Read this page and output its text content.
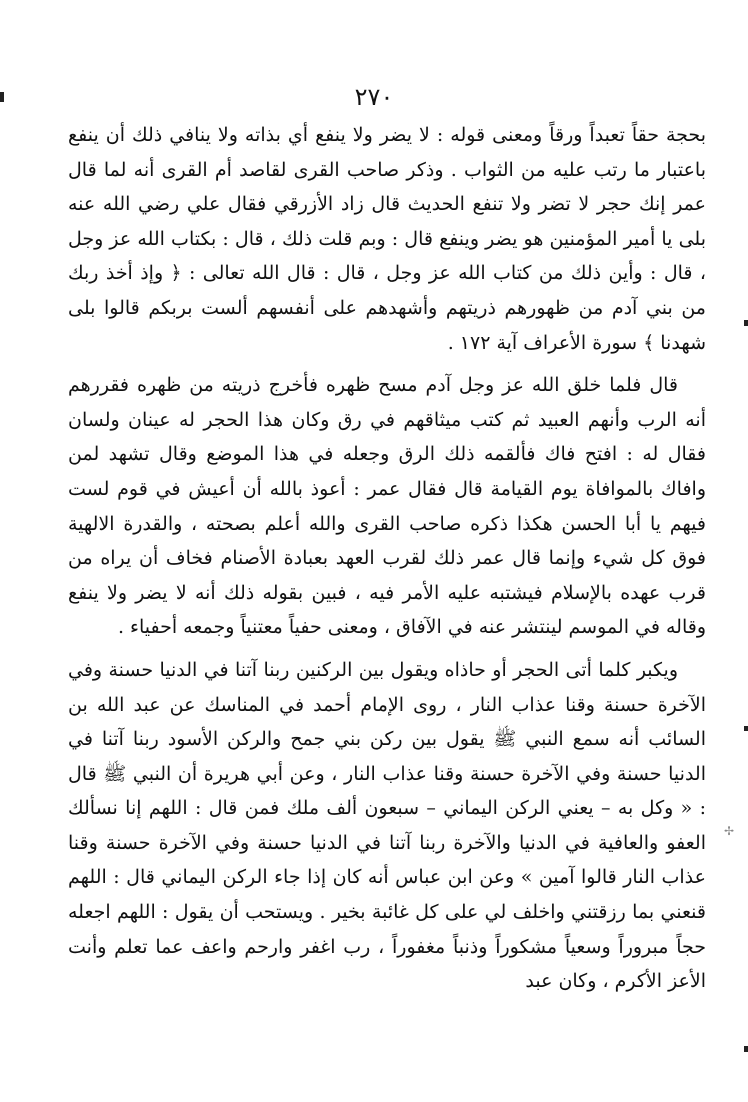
✢
٢٧٠

بحجة حقاً تعبداً ورقاً ومعنى قوله : لا يضر ولا ينفع أي بذاته ولا ينافي ذلك أن ينفع باعتبار ما رتب عليه من الثواب . وذكر صاحب القرى لقاصد أم القرى أنه لما قال عمر إنك حجر لا تضر ولا تنفع الحديث قال زاد الأزرقي فقال علي رضي الله عنه بلى يا أمير المؤمنين هو يضر وينفع قال : وبم قلت ذلك ، قال : بكتاب الله عز وجل ، قال : وأين ذلك من كتاب الله عز وجل ، قال : قال الله تعالى : ﴿ وإذ أخذ ربك من بني آدم من ظهورهم ذريتهم وأشهدهم على أنفسهم ألست بربكم قالوا بلى شهدنا ﴾ سورة الأعراف آية ١٧٢ .

قال فلما خلق الله عز وجل آدم مسح ظهره فأخرج ذريته من ظهره فقررهم أنه الرب وأنهم العبيد ثم كتب ميثاقهم في رق وكان هذا الحجر له عينان ولسان فقال له : افتح فاك فألقمه ذلك الرق وجعله في هذا الموضع وقال تشهد لمن وافاك بالموافاة يوم القيامة قال فقال عمر : أعوذ بالله أن أعيش في قوم لست فيهم يا أبا الحسن هكذا ذكره صاحب القرى والله أعلم بصحته ، والقدرة الالهية فوق كل شيء وإنما قال عمر ذلك لقرب العهد بعبادة الأصنام فخاف أن يراه من قرب عهده بالإسلام فيشتبه عليه الأمر فيه ، فبين بقوله ذلك أنه لا يضر ولا ينفع وقاله في الموسم لينتشر عنه في الآفاق ، ومعنى حفياً معتنياً وجمعه أحفياء .

ويكبر كلما أتى الحجر أو حاذاه ويقول بين الركنين ربنا آتنا في الدنيا حسنة وفي الآخرة حسنة وقنا عذاب النار ، روى الإمام أحمد في المناسك عن عبد الله بن السائب أنه سمع النبي ﷺ يقول بين ركن بني جمح والركن الأسود ربنا آتنا في الدنيا حسنة وفي الآخرة حسنة وقنا عذاب النار ، وعن أبي هريرة أن النبي ﷺ قال : « وكل به – يعني الركن اليماني – سبعون ألف ملك فمن قال : اللهم إنا نسألك العفو والعافية في الدنيا والآخرة ربنا آتنا في الدنيا حسنة وفي الآخرة حسنة وقنا عذاب النار قالوا آمين » وعن ابن عباس أنه كان إذا جاء الركن اليماني قال : اللهم قنعني بما رزقتني واخلف لي على كل غائبة بخير . ويستحب أن يقول : اللهم اجعله حجاً مبروراً وسعياً مشكوراً وذنباً مغفوراً ، رب اغفر وارحم واعف عما تعلم وأنت الأعز الأكرم ، وكان عبد
